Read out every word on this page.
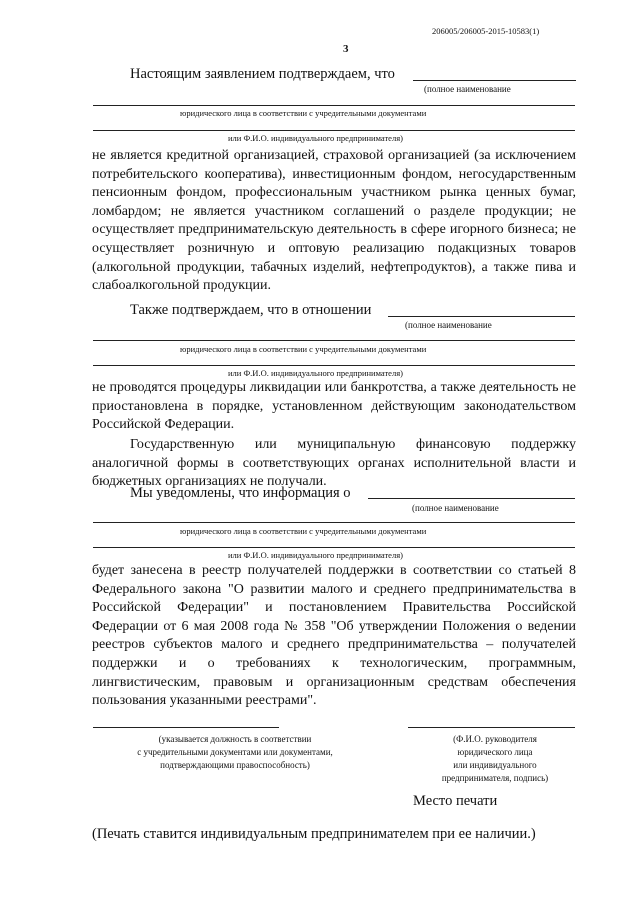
206005/206005-2015-10583(1)
3
Настоящим заявлением подтверждаем, что
(полное наименование
юридического лица в соответствии с учредительными документами
или Ф.И.О. индивидуального предпринимателя)
не является кредитной организацией, страховой организацией (за исключением потребительского кооператива), инвестиционным фондом, негосударственным пенсионным фондом, профессиональным участником рынка ценных бумаг, ломбардом; не является участником соглашений о разделе продукции; не осуществляет предпринимательскую деятельность в сфере игорного бизнеса; не осуществляет розничную и оптовую реализацию подакцизных товаров (алкогольной продукции, табачных изделий, нефтепродуктов), а также пива и слабоалкогольной продукции.
Также подтверждаем, что в отношении
(полное наименование
юридического лица в соответствии с учредительными документами
или Ф.И.О. индивидуального предпринимателя)
не проводятся процедуры ликвидации или банкротства, а также деятельность не приостановлена в порядке, установленном действующим законодательством Российской Федерации.
Государственную или муниципальную финансовую поддержку аналогичной формы в соответствующих органах исполнительной власти и бюджетных организациях не получали.
Мы уведомлены, что информация о
(полное наименование
юридического лица в соответствии с учредительными документами
или Ф.И.О. индивидуального предпринимателя)
будет занесена в реестр получателей поддержки в соответствии со статьей 8 Федерального закона "О развитии малого и среднего предпринимательства в Российской Федерации" и постановлением Правительства Российской Федерации от 6 мая 2008 года № 358 "Об утверждении Положения о ведении реестров субъектов малого и среднего предпринимательства – получателей поддержки и о требованиях к технологическим, программным, лингвистическим, правовым и организационным средствам обеспечения пользования указанными реестрами".
(указывается должность в соответствии
с учредительными документами или документами,
подтверждающими правоспособность)
(Ф.И.О. руководителя
юридического лица
или индивидуального
предпринимателя, подпись)
Место печати
(Печать ставится индивидуальным предпринимателем при ее наличии.)
